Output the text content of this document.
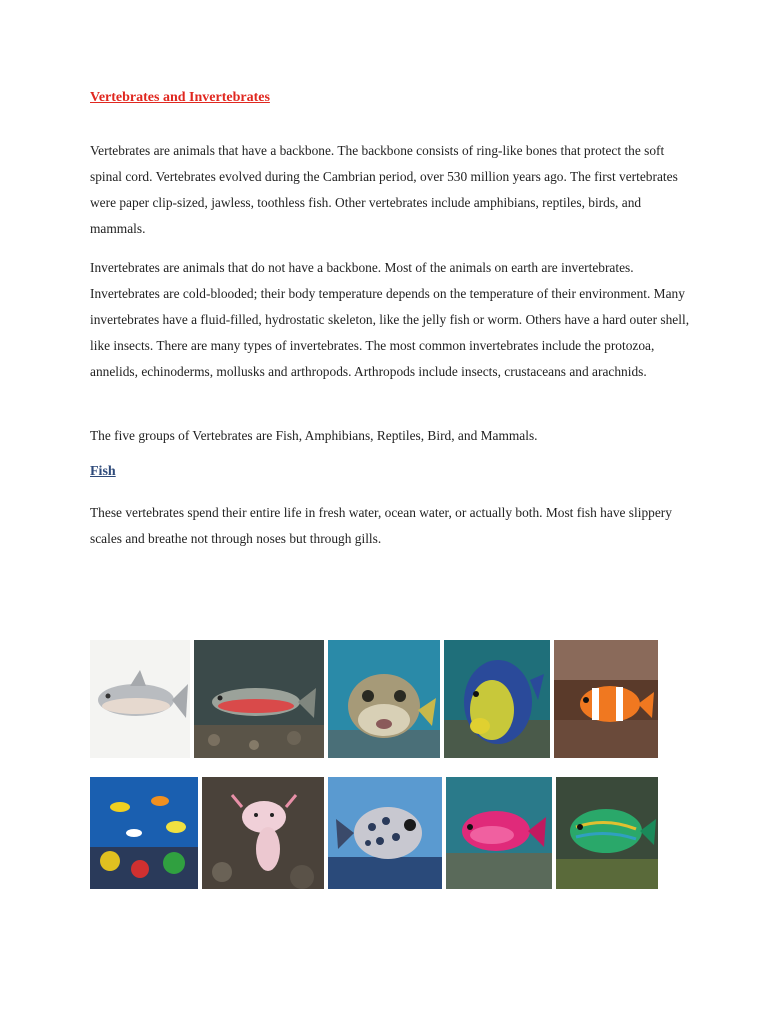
Vertebrates and Invertebrates
Vertebrates are animals that have a backbone. The backbone consists of ring-like bones that protect the soft spinal cord. Vertebrates evolved during the Cambrian period, over 530 million years ago. The first vertebrates were paper clip-sized, jawless, toothless fish. Other vertebrates include amphibians, reptiles, birds, and mammals.
Invertebrates are animals that do not have a backbone. Most of the animals on earth are invertebrates. Invertebrates are cold-blooded; their body temperature depends on the temperature of their environment. Many invertebrates have a fluid-filled, hydrostatic skeleton, like the jelly fish or worm. Others have a hard outer shell, like insects. There are many types of invertebrates. The most common invertebrates include the protozoa, annelids, echinoderms, mollusks and arthropods. Arthropods include insects, crustaceans and arachnids.
The five groups of Vertebrates are Fish, Amphibians, Reptiles, Bird, and Mammals.
Fish
These vertebrates spend their entire life in fresh water, ocean water, or actually both. Most fish have slippery scales and breathe not through noses but through gills.
